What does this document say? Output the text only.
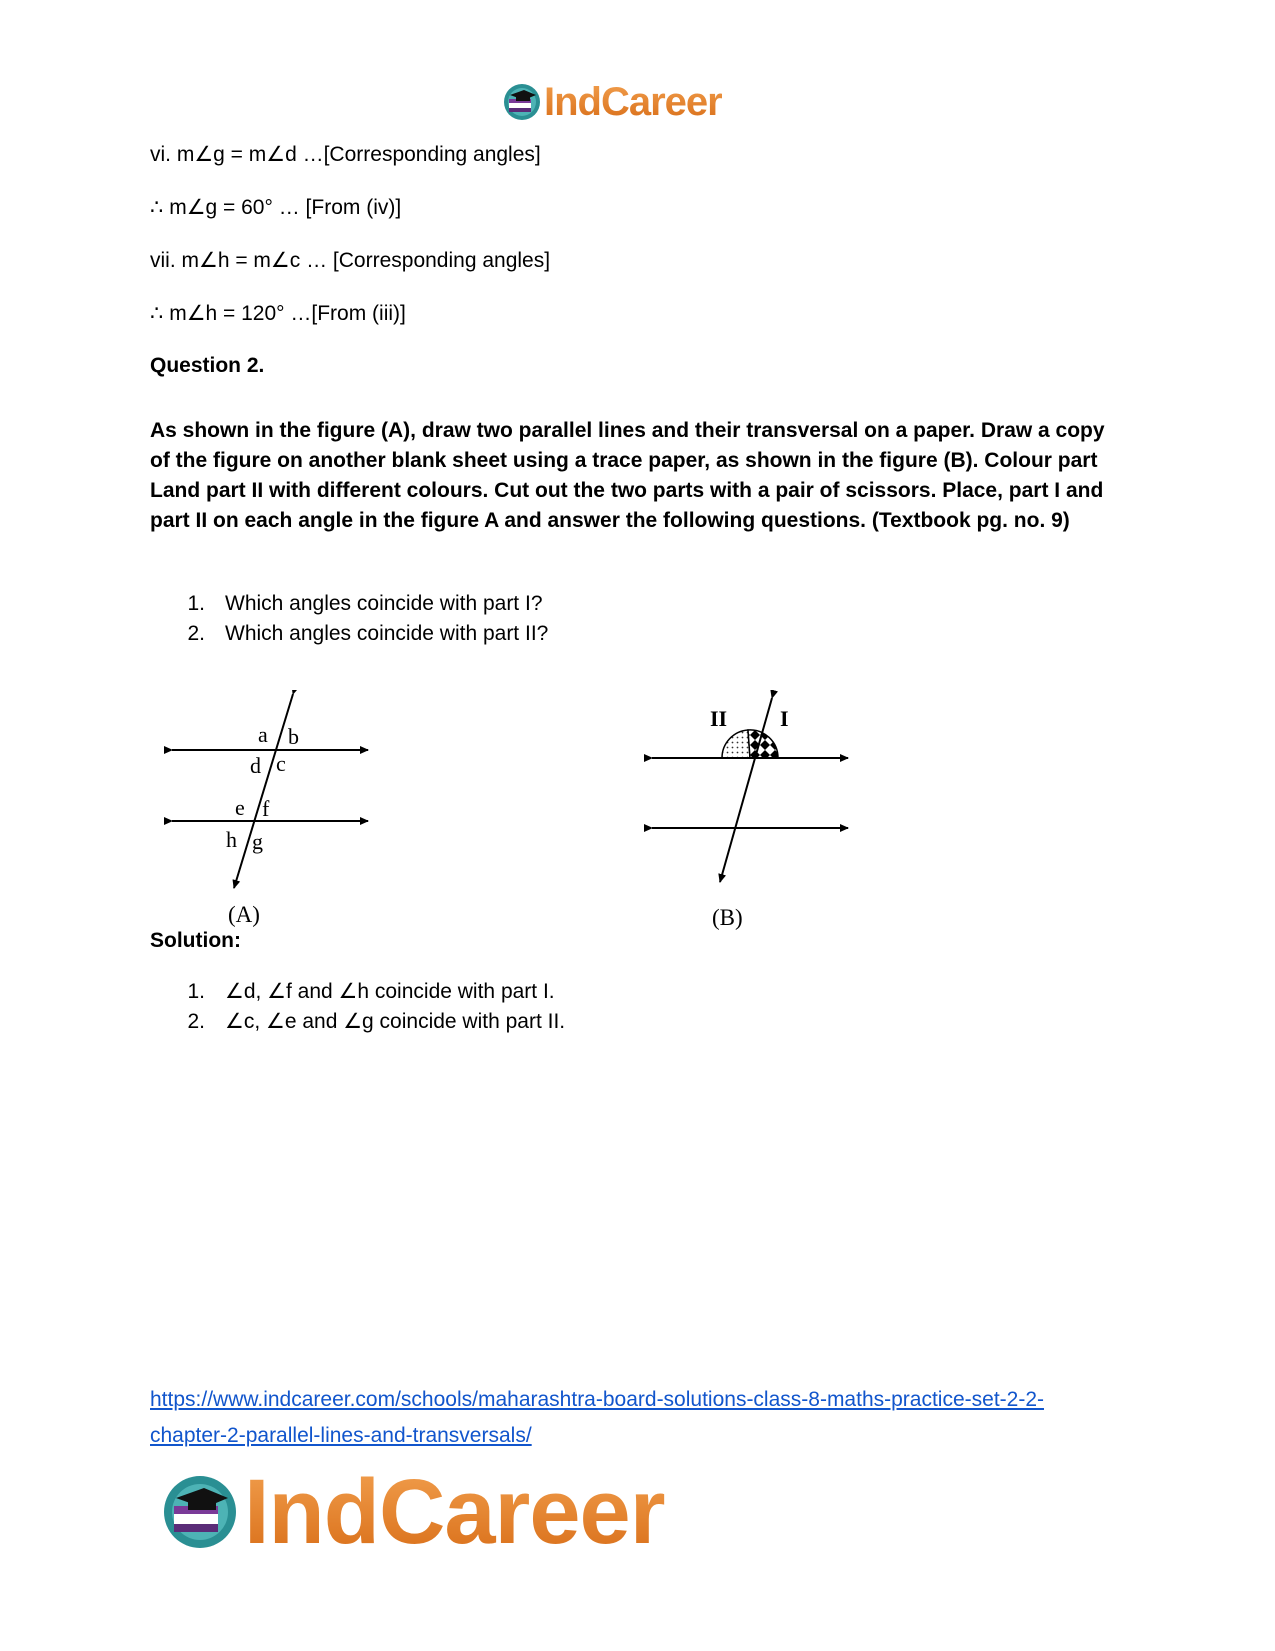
IndCareer
vi. m∠g = m∠d …[Corresponding angles]
∴ m∠g = 60° … [From (iv)]
vii. m∠h = m∠c … [Corresponding angles]
∴ m∠h = 120° …[From (iii)]
Question 2.
As shown in the figure (A), draw two parallel lines and their transversal on a paper. Draw a copy of the figure on another blank sheet using a trace paper, as shown in the figure (B). Colour part Land part II with different colours. Cut out the two parts with a pair of scissors. Place, part I and part II on each angle in the figure A and answer the following questions. (Textbook pg. no. 9)
1. Which angles coincide with part I?
2. Which angles coincide with part II?
a b
d c
e f
h g
(A)
II I
(B)
Solution:
1. ∠d, ∠f and ∠h coincide with part I.
2. ∠c, ∠e and ∠g coincide with part II.
https://www.indcareer.com/schools/maharashtra-board-solutions-class-8-maths-practice-set-2-2-
chapter-2-parallel-lines-and-transversals/
IndCareer
